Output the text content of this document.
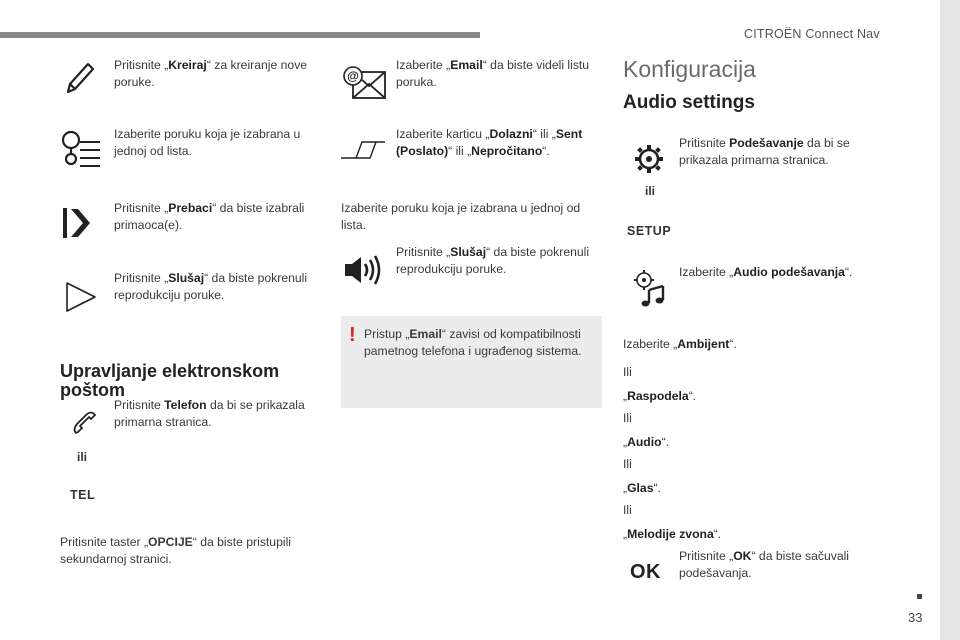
CITROËN Connect Nav
33
Pritisnite „Kreiraj“ za kreiranje nove poruke.
Izaberite poruku koja je izabrana u jednoj od lista.
Pritisnite „Prebaci“ da biste izabrali primaoca(e).
Pritisnite „Slušaj“ da biste pokrenuli reprodukciju poruke.
Upravljanje elektronskom poštom
Pritisnite Telefon da bi se prikazala primarna stranica.
ili
TEL
Pritisnite taster „OPCIJE“ da biste pristupili sekundarnoj stranici.
@
Izaberite „Email“ da biste videli listu poruka.
Izaberite karticu „Dolazni“ ili „Sent (Poslato)“ ili „Nepročitano“.
Izaberite poruku koja je izabrana u jednoj od lista.
Pritisnite „Slušaj“ da biste pokrenuli reprodukciju poruke.
! Pristup „Email“ zavisi od kompatibilnosti pametnog telefona i ugrađenog sistema.
Konfiguracija
Audio settings
Pritisnite Podešavanje da bi se prikazala primarna stranica.
ili
SETUP
Izaberite „Audio podešavanja“.
Izaberite „Ambijent“.
Ili
„Raspodela“.
Ili
„Audio“.
Ili
„Glas“.
Ili
„Melodije zvona“.
OK
Pritisnite „OK“ da biste sačuvali podešavanja.
